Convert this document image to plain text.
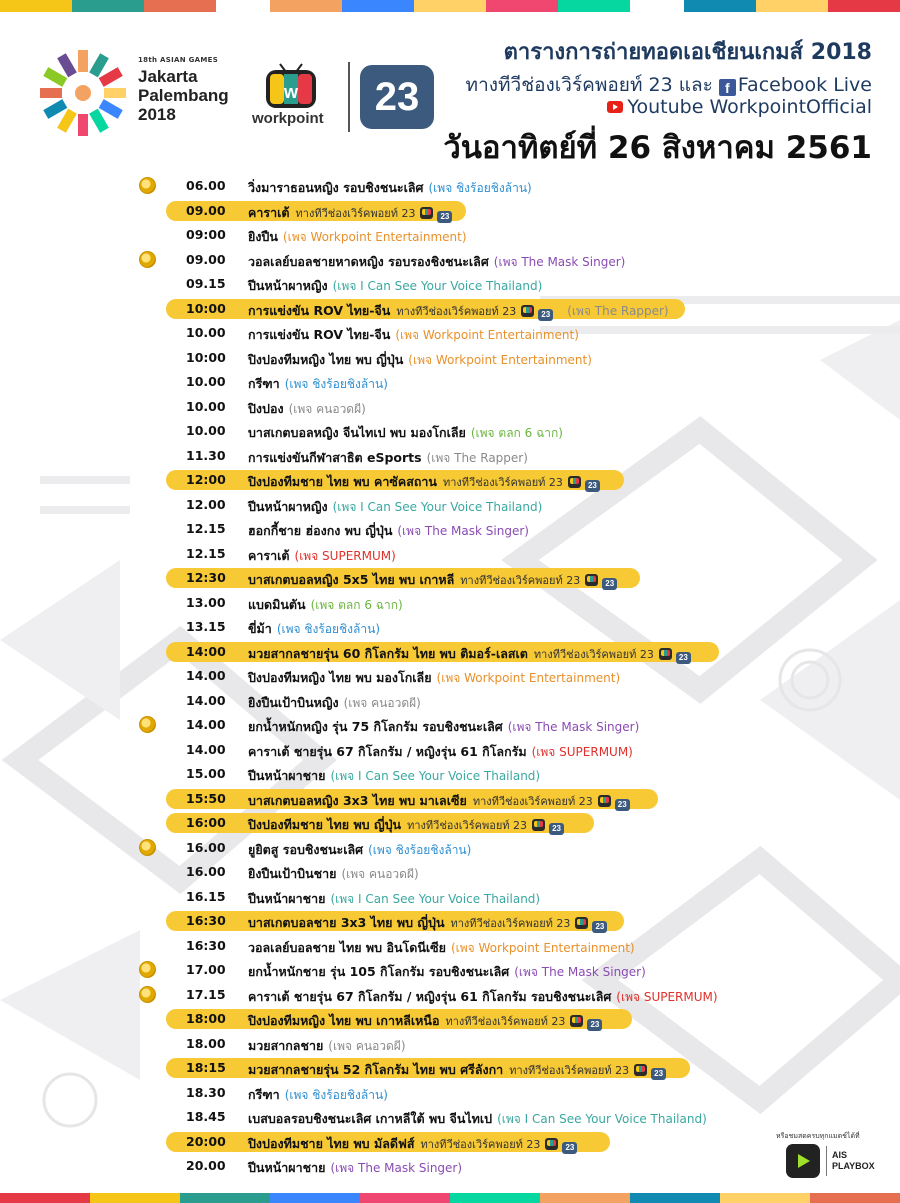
18th ASIAN GAMES
Jakarta
Palembang
2018
w
workpoint	23
ตารางการถ่ายทอดเอเชียนเกมส์ 2018
ทางทีวีช่องเวิร์คพอยท์ 23 และ f Facebook Live
Youtube WorkpointOfficial
วันอาทิตย์ที่ 26 สิงหาคม 2561
06.00 วิ่งมาราธอนหญิง รอบชิงชนะเลิศ (เพจ ชิงร้อยชิงล้าน)
09.00 คาราเต้ ทางทีวีช่องเวิร์คพอยท์ 23	23
09:00 ยิงปืน (เพจ Workpoint Entertainment)
09.00 วอลเลย์บอลชายหาดหญิง รอบรองชิงชนะเลิศ (เพจ The Mask Singer)
09.15 ปีนหน้าผาหญิง (เพจ I Can See Your Voice Thailand)
10:00 การแข่งขัน ROV ไทย-จีน ทางทีวีช่องเวิร์คพอยท์ 23	23 (เพจ The Rapper)
10.00 การแข่งขัน ROV ไทย-จีน (เพจ Workpoint Entertainment)
10:00 ปิงปองทีมหญิง ไทย พบ ญี่ปุ่น (เพจ Workpoint Entertainment)
10.00 กรีฑา (เพจ ชิงร้อยชิงล้าน)
10.00 ปิงปอง (เพจ คนอวดผี)
10.00 บาสเกตบอลหญิง จีนไทเป พบ มองโกเลีย (เพจ ตลก 6 ฉาก)
11.30 การแข่งขันกีฬาสาธิต eSports (เพจ The Rapper)
12:00 ปิงปองทีมชาย ไทย พบ คาซัคสถาน ทางทีวีช่องเวิร์คพอยท์ 23	23
12.00 ปีนหน้าผาหญิง (เพจ I Can See Your Voice Thailand)
12.15 ฮอกกี้ชาย ฮ่องกง พบ ญี่ปุ่น (เพจ The Mask Singer)
12.15 คาราเต้ (เพจ SUPERMUM)
12:30 บาสเกตบอลหญิง 5x5 ไทย พบ เกาหลี ทางทีวีช่องเวิร์คพอยท์ 23	23
13.00 แบดมินตัน (เพจ ตลก 6 ฉาก)
13.15 ขี่ม้า (เพจ ชิงร้อยชิงล้าน)
14:00 มวยสากลชายรุ่น 60 กิโลกรัม ไทย พบ ติมอร์-เลสเต ทางทีวีช่องเวิร์คพอยท์ 23	23
14.00 ปิงปองทีมหญิง ไทย พบ มองโกเลีย (เพจ Workpoint Entertainment)
14.00 ยิงปืนเป้าบินหญิง (เพจ คนอวดผี)
14.00 ยกน้ำหนักหญิง รุ่น 75 กิโลกรัม รอบชิงชนะเลิศ (เพจ The Mask Singer)
14.00 คาราเต้ ชายรุ่น 67 กิโลกรัม / หญิงรุ่น 61 กิโลกรัม (เพจ SUPERMUM)
15.00 ปีนหน้าผาชาย (เพจ I Can See Your Voice Thailand)
15:50 บาสเกตบอลหญิง 3x3 ไทย พบ มาเลเซีย ทางทีวีช่องเวิร์คพอยท์ 23	23
16:00 ปิงปองทีมชาย ไทย พบ ญี่ปุ่น ทางทีวีช่องเวิร์คพอยท์ 23	23
16.00 ยูยิตสู รอบชิงชนะเลิศ (เพจ ชิงร้อยชิงล้าน)
16.00 ยิงปืนเป้าบินชาย (เพจ คนอวดผี)
16.15 ปีนหน้าผาชาย (เพจ I Can See Your Voice Thailand)
16:30 บาสเกตบอลชาย 3x3 ไทย พบ ญี่ปุ่น ทางทีวีช่องเวิร์คพอยท์ 23	23
16:30 วอลเลย์บอลชาย ไทย พบ อินโดนีเซีย (เพจ Workpoint Entertainment)
17.00 ยกน้ำหนักชาย รุ่น 105 กิโลกรัม รอบชิงชนะเลิศ (เพจ The Mask Singer)
17.15 คาราเต้ ชายรุ่น 67 กิโลกรัม / หญิงรุ่น 61 กิโลกรัม รอบชิงชนะเลิศ (เพจ SUPERMUM)
18:00 ปิงปองทีมหญิง ไทย พบ เกาหลีเหนือ ทางทีวีช่องเวิร์คพอยท์ 23	23
18.00 มวยสากลชาย (เพจ คนอวดผี)
18:15 มวยสากลชายรุ่น 52 กิโลกรัม ไทย พบ ศรีลังกา ทางทีวีช่องเวิร์คพอยท์ 23	23
18.30 กรีฑา (เพจ ชิงร้อยชิงล้าน)
18.45 เบสบอลรอบชิงชนะเลิศ เกาหลีใต้ พบ จีนไทเป (เพจ I Can See Your Voice Thailand)
20:00 ปิงปองทีมชาย ไทย พบ มัลดีฟส์ ทางทีวีช่องเวิร์คพอยท์ 23	23
20.00 ปีนหน้าผาชาย (เพจ The Mask Singer)
หรือชมสดครบทุกแมตช์ได้ที่
AIS
PLAYBOX
